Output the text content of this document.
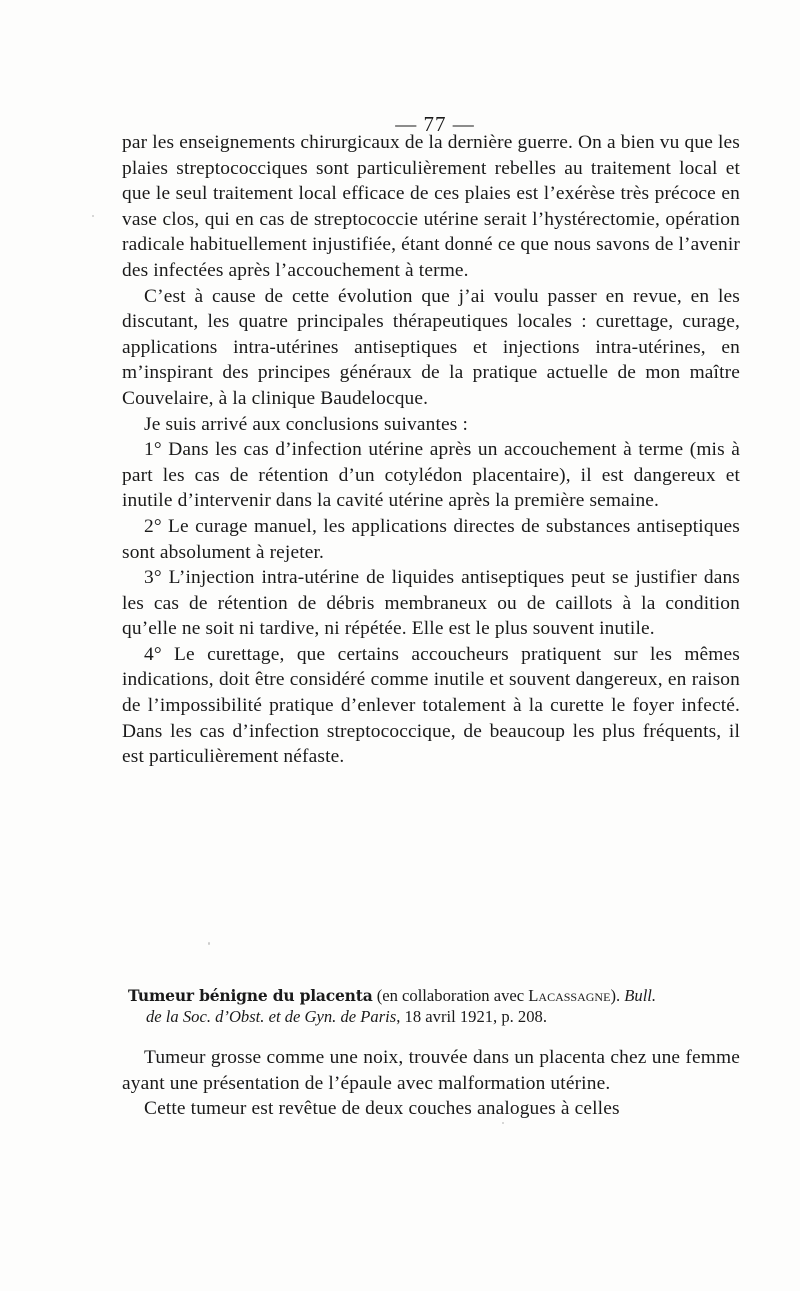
— 77 —

par les enseignements chirurgicaux de la dernière guerre. On a bien vu que les plaies streptococciques sont particulièrement rebelles au traitement local et que le seul traitement local efficace de ces plaies est l’exérèse très précoce en vase clos, qui en cas de streptococcie utérine serait l’hystérectomie, opération radicale habituellement injustifiée, étant donné ce que nous savons de l’avenir des infectées après l’accouchement à terme.

C’est à cause de cette évolution que j’ai voulu passer en revue, en les discutant, les quatre principales thérapeutiques locales : curettage, curage, applications intra-utérines antiseptiques et injections intra-utérines, en m’inspirant des principes généraux de la pratique actuelle de mon maître Couvelaire, à la clinique Baudelocque.

Je suis arrivé aux conclusions suivantes :

1° Dans les cas d’infection utérine après un accouchement à terme (mis à part les cas de rétention d’un cotylédon placentaire), il est dangereux et inutile d’intervenir dans la cavité utérine après la première semaine.

2° Le curage manuel, les applications directes de substances antiseptiques sont absolument à rejeter.

3° L’injection intra-utérine de liquides antiseptiques peut se justifier dans les cas de rétention de débris membraneux ou de caillots à la condition qu’elle ne soit ni tardive, ni répétée. Elle est le plus souvent inutile.

4° Le curettage, que certains accoucheurs pratiquent sur les mêmes indications, doit être considéré comme inutile et souvent dangereux, en raison de l’impossibilité pratique d’enlever totalement à la curette le foyer infecté. Dans les cas d’infection streptococcique, de beaucoup les plus fréquents, il est particulièrement néfaste.

Tumeur bénigne du placenta (en collaboration avec Lacassagne). Bull.
de la Soc. d’Obst. et de Gyn. de Paris, 18 avril 1921, p. 208.

Tumeur grosse comme une noix, trouvée dans un placenta chez une femme ayant une présentation de l’épaule avec malformation utérine.

Cette tumeur est revêtue de deux couches analogues à celles
